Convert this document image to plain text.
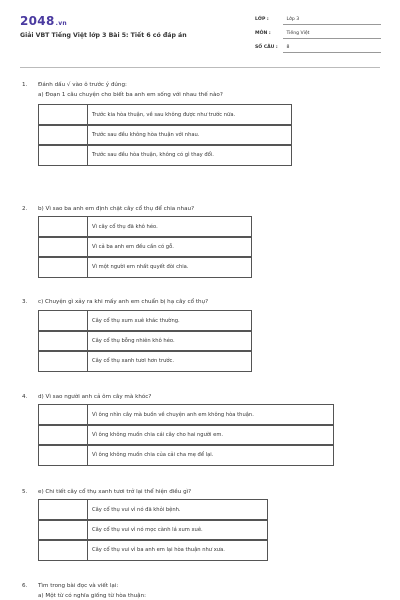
2048.vn
Giải VBT Tiếng Việt lớp 3 Bài 5: Tiết 6 có đáp án
LỚP :	Lớp 3
MÔN :	Tiếng Việt
SỐ CÂU : 8
1. Đánh dấu √ vào ô trước ý đúng:
a) Đoạn 1 câu chuyện cho biết ba anh em sống với nhau thế nào?
Trước kia hòa thuận, về sau không được như trước nữa.
Trước sau đều không hòa thuận với nhau.
Trước sau đều hòa thuận, không có gì thay đổi.
2. b) Vì sao ba anh em định chặt cây cổ thụ để chia nhau?
Vì cây cổ thụ đã khô héo.
Vì cả ba anh em đều cần có gỗ.
Vì một người em nhất quyết đòi chia.
3. c) Chuyện gì xảy ra khi mấy anh em chuẩn bị hạ cây cổ thụ?
Cây cổ thụ xum xuê khác thường.
Cây cổ thụ bỗng nhiên khô héo.
Cây cổ thụ xanh tươi hơn trước.
4. d) Vì sao người anh cả ôm cây mà khóc?
Vì ông nhìn cây mà buồn về chuyện anh em không hòa thuận.
Vì ông không muốn chia cái cây cho hai người em.
Vì ông không muốn chia của cải cha mẹ để lại.
5. e) Chi tiết cây cổ thụ xanh tươi trở lại thể hiện điều gì?
Cây cổ thụ vui vì nó đã khỏi bệnh.
Cây cổ thụ vui vì nó mọc cành lá xum xuê.
Cây cổ thụ vui vì ba anh em lại hòa thuận như xưa.
6. Tìm trong bài đọc và viết lại:
a) Một từ có nghĩa giống từ hòa thuận:
